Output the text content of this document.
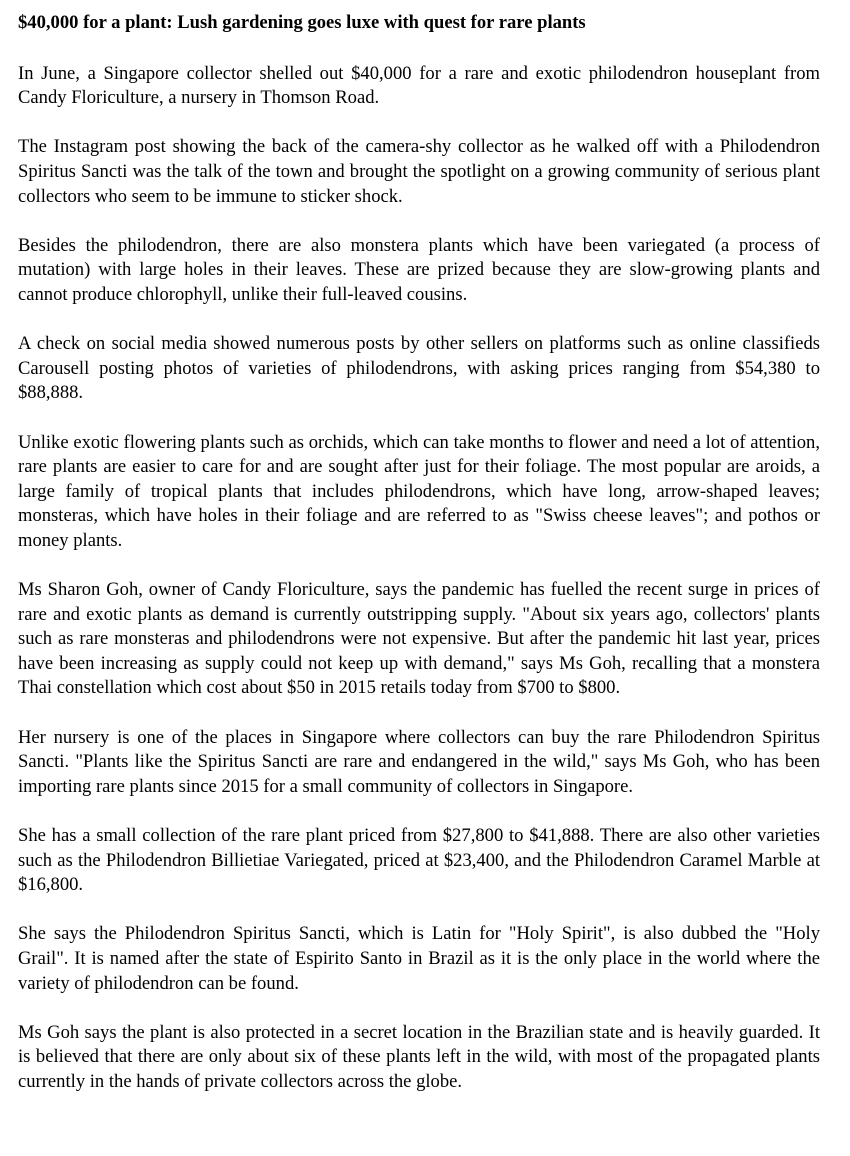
$40,000 for a plant: Lush gardening goes luxe with quest for rare plants

In June, a Singapore collector shelled out $40,000 for a rare and exotic philodendron houseplant from Candy Floriculture, a nursery in Thomson Road.

The Instagram post showing the back of the camera-shy collector as he walked off with a Philodendron Spiritus Sancti was the talk of the town and brought the spotlight on a growing community of serious plant collectors who seem to be immune to sticker shock.

Besides the philodendron, there are also monstera plants which have been variegated (a process of mutation) with large holes in their leaves. These are prized because they are slow-growing plants and cannot produce chlorophyll, unlike their full-leaved cousins.

A check on social media showed numerous posts by other sellers on platforms such as online classifieds Carousell posting photos of varieties of philodendrons, with asking prices ranging from $54,380 to $88,888.

Unlike exotic flowering plants such as orchids, which can take months to flower and need a lot of attention, rare plants are easier to care for and are sought after just for their foliage. The most popular are aroids, a large family of tropical plants that includes philodendrons, which have long, arrow-shaped leaves; monsteras, which have holes in their foliage and are referred to as "Swiss cheese leaves"; and pothos or money plants.

Ms Sharon Goh, owner of Candy Floriculture, says the pandemic has fuelled the recent surge in prices of rare and exotic plants as demand is currently outstripping supply. "About six years ago, collectors' plants such as rare monsteras and philodendrons were not expensive. But after the pandemic hit last year, prices have been increasing as supply could not keep up with demand," says Ms Goh, recalling that a monstera Thai constellation which cost about $50 in 2015 retails today from $700 to $800.

Her nursery is one of the places in Singapore where collectors can buy the rare Philodendron Spiritus Sancti. "Plants like the Spiritus Sancti are rare and endangered in the wild," says Ms Goh, who has been importing rare plants since 2015 for a small community of collectors in Singapore.

She has a small collection of the rare plant priced from $27,800 to $41,888. There are also other varieties such as the Philodendron Billietiae Variegated, priced at $23,400, and the Philodendron Caramel Marble at $16,800.

She says the Philodendron Spiritus Sancti, which is Latin for "Holy Spirit", is also dubbed the "Holy Grail". It is named after the state of Espirito Santo in Brazil as it is the only place in the world where the variety of philodendron can be found.

Ms Goh says the plant is also protected in a secret location in the Brazilian state and is heavily guarded. It is believed that there are only about six of these plants left in the wild, with most of the propagated plants currently in the hands of private collectors across the globe.
